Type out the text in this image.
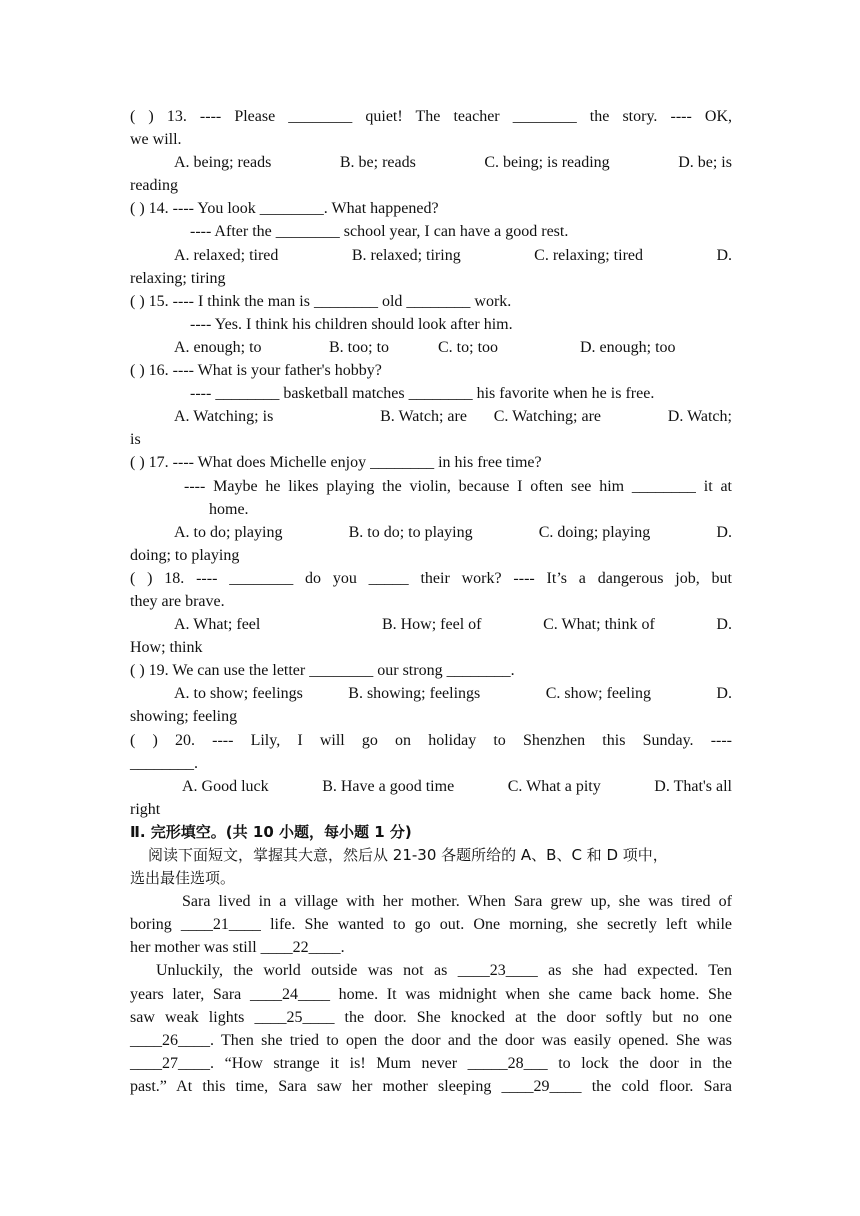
( ) 13. ---- Please ________ quiet! The teacher ________ the story. ---- OK,
we will.
A. being; reads	B. be; reads	C. being; is reading	D. be; is
reading
( ) 14. ---- You look ________. What happened?
---- After the ________ school year, I can have a good rest.
A. relaxed; tired	B. relaxed; tiring	C. relaxing; tired	D.
relaxing; tiring
( ) 15. ---- I think the man is ________ old ________ work.
---- Yes. I think his children should look after him.
A. enough; to	B. too; to	C. to; too	D. enough; too
( ) 16. ---- What is your father's hobby?
---- ________ basketball matches ________ his favorite when he is free.
A. Watching; is	B. Watch; are C. Watching; are	D. Watch;
is
( ) 17. ---- What does Michelle enjoy ________ in his free time?
---- Maybe he likes playing the violin, because I often see him ________ it at
home.
A. to do; playing	B. to do; to playing	C. doing; playing	D.
doing; to playing
( ) 18. ---- ________ do you _____ their work? ---- It’s a dangerous job, but
they are brave.
A. What; feel	B. How; feel of	C. What; think of	D.
How; think
( ) 19. We can use the letter ________ our strong ________.
A. to show; feelings	B. showing; feelings	C. show; feeling	D.
showing; feeling
( ) 20. ---- Lily, I will go on holiday to Shenzhen this Sunday. ----
________.
A. Good luck	B. Have a good time	C. What a pity	D. That's all
right
Ⅱ. 完形填空。(共 10 小题，每小题 1 分)
阅读下面短文，掌握其大意，然后从 21-30 各题所给的 A、B、C 和 D 项中，
选出最佳选项。
Sara lived in a village with her mother. When Sara grew up, she was tired of
boring ____21____ life. She wanted to go out. One morning, she secretly left while
her mother was still ____22____.
Unluckily, the world outside was not as ____23____ as she had expected. Ten
years later, Sara ____24____ home. It was midnight when she came back home. She
saw weak lights ____25____ the door. She knocked at the door softly but no one
____26____. Then she tried to open the door and the door was easily opened. She was
____27____. “How strange it is! Mum never _____28___ to lock the door in the
past.” At this time, Sara saw her mother sleeping ____29____ the cold floor. Sara
